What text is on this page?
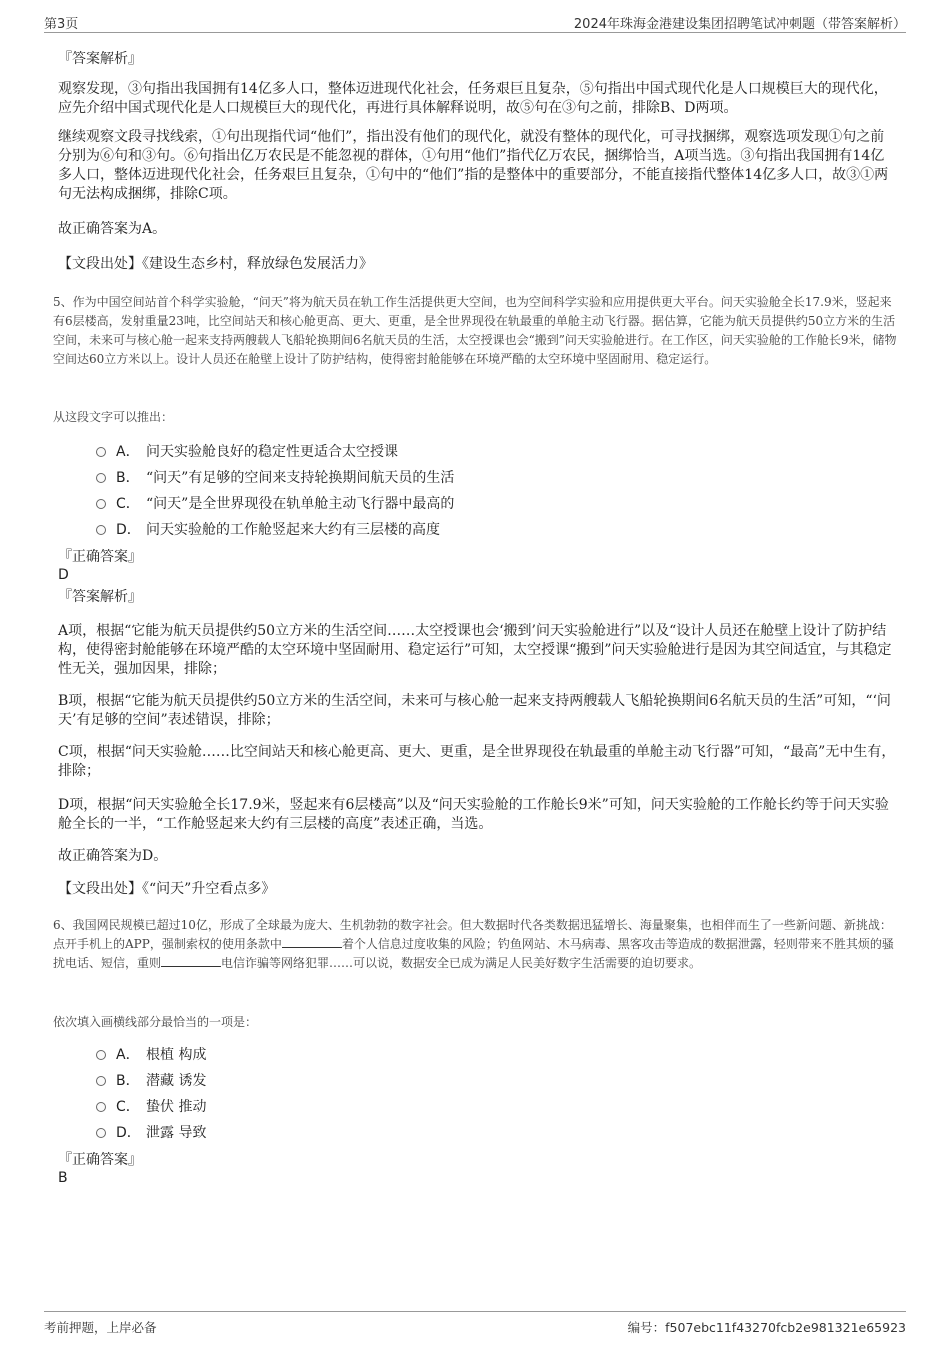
第3页	2024年珠海金港建设集团招聘笔试冲刺题（带答案解析）
『答案解析』

观察发现，③句指出我国拥有14亿多人口，整体迈进现代化社会，任务艰巨且复杂，⑤句指出中国式现代化是人口规模巨大的现代化，应先介绍中国式现代化是人口规模巨大的现代化，再进行具体解释说明，故⑤句在③句之前，排除B、D两项。

继续观察文段寻找线索，①句出现指代词“他们”，指出没有他们的现代化，就没有整体的现代化，可寻找捆绑，观察选项发现①句之前分别为⑥句和③句。⑥句指出亿万农民是不能忽视的群体，①句用“他们”指代亿万农民，捆绑恰当，A项当选。③句指出我国拥有14亿多人口，整体迈进现代化社会，任务艰巨且复杂，①句中的“他们”指的是整体中的重要部分，不能直接指代整体14亿多人口，故③①两句无法构成捆绑，排除C项。

故正确答案为A。

【文段出处】《建设生态乡村，释放绿色发展活力》

5、作为中国空间站首个科学实验舱，“问天”将为航天员在轨工作生活提供更大空间，也为空间科学实验和应用提供更大平台。问天实验舱全长17.9米，竖起来有6层楼高，发射重量23吨，比空间站天和核心舱更高、更大、更重，是全世界现役在轨最重的单舱主动飞行器。据估算，它能为航天员提供约50立方米的生活空间，未来可与核心舱一起来支持两艘载人飞船轮换期间6名航天员的生活，太空授课也会“搬到”问天实验舱进行。在工作区，问天实验舱的工作舱长9米，储物空间达60立方米以上。设计人员还在舱壁上设计了防护结构，使得密封舱能够在环境严酷的太空环境中坚固耐用、稳定运行。

从这段文字可以推出：
A． 问天实验舱良好的稳定性更适合太空授课
B． “问天”有足够的空间来支持轮换期间航天员的生活
C． “问天”是全世界现役在轨单舱主动飞行器中最高的
D． 问天实验舱的工作舱竖起来大约有三层楼的高度
『正确答案』
D
『答案解析』

A项，根据“它能为航天员提供约50立方米的生活空间……太空授课也会‘搬到’问天实验舱进行”以及“设计人员还在舱壁上设计了防护结构，使得密封舱能够在环境严酷的太空环境中坚固耐用、稳定运行”可知，太空授课“搬到”问天实验舱进行是因为其空间适宜，与其稳定性无关，强加因果，排除；

B项，根据“它能为航天员提供约50立方米的生活空间，未来可与核心舱一起来支持两艘载人飞船轮换期间6名航天员的生活”可知，“‘问天’有足够的空间”表述错误，排除；

C项，根据“问天实验舱……比空间站天和核心舱更高、更大、更重，是全世界现役在轨最重的单舱主动飞行器”可知，“最高”无中生有，排除；

D项，根据“问天实验舱全长17.9米，竖起来有6层楼高”以及“问天实验舱的工作舱长9米”可知，问天实验舱的工作舱长约等于问天实验舱全长的一半，“工作舱竖起来大约有三层楼的高度”表述正确，当选。

故正确答案为D。

【文段出处】《“问天”升空看点多》

6、我国网民规模已超过10亿，形成了全球最为庞大、生机勃勃的数字社会。但大数据时代各类数据迅猛增长、海量聚集，也相伴而生了一些新问题、新挑战：点开手机上的APP，强制索权的使用条款中	着个人信息过度收集的风险；钓鱼网站、木马病毒、黑客攻击等造成的数据泄露，轻则带来不胜其烦的骚扰电话、短信，重则	电信诈骗等网络犯罪……可以说，数据安全已成为满足人民美好数字生活需要的迫切要求。

依次填入画横线部分最恰当的一项是：
A． 根植 构成
B． 潜藏 诱发
C． 蛰伏 推动
D． 泄露 导致
『正确答案』
B
考前押题，上岸必备	编号：f507ebc11f43270fcb2e981321e65923
